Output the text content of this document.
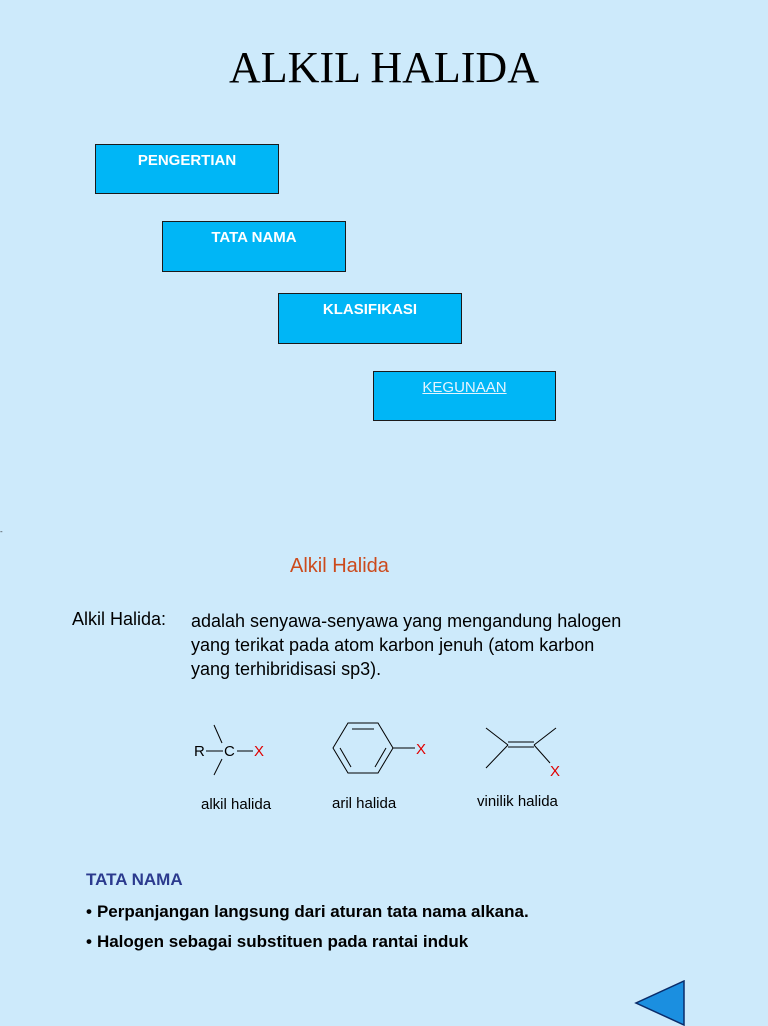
ALKIL HALIDA
PENGERTIAN
TATA NAMA
KLASIFIKASI
KEGUNAAN
-
Alkil Halida
Alkil Halida: adalah senyawa-senyawa yang mengandung halogen
yang terikat pada atom karbon jenuh (atom karbon
yang terhibridisasi sp3).
R C X	X
X
alkil halida	aril halida	vinilik halida
TATA NAMA
• Perpanjangan langsung dari aturan tata nama alkana.
• Halogen sebagai substituen pada rantai induk
